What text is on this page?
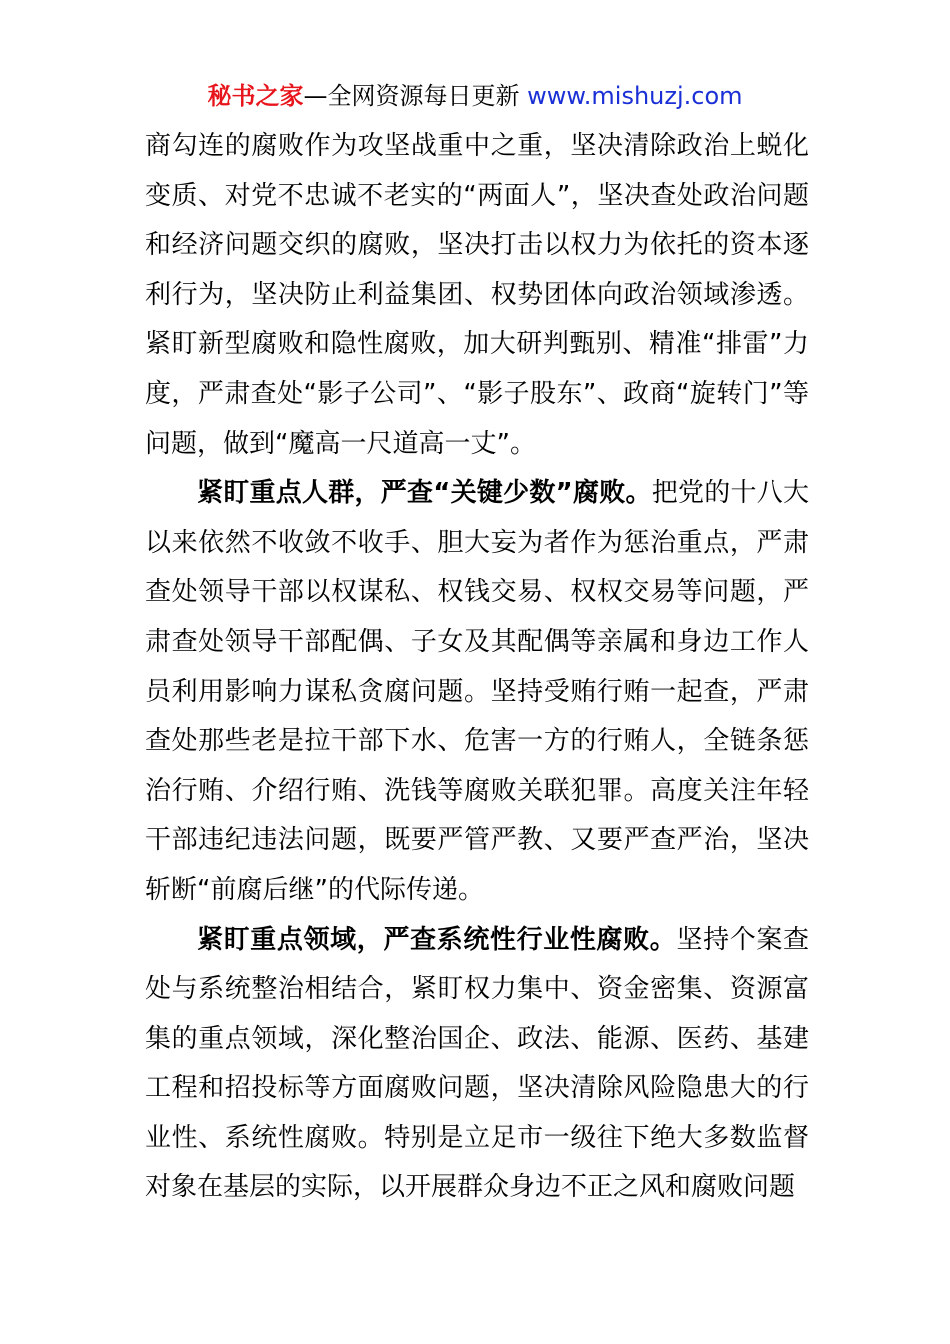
秘书之家—全网资源每日更新 www.mishuzj.com

商勾连的腐败作为攻坚战重中之重，坚决清除政治上蜕化变质、对党不忠诚不老实的“两面人”，坚决查处政治问题和经济问题交织的腐败，坚决打击以权力为依托的资本逐利行为，坚决防止利益集团、权势团体向政治领域渗透。紧盯新型腐败和隐性腐败，加大研判甄别、精准“排雷”力度，严肃查处“影子公司”、“影子股东”、政商“旋转门”等问题，做到“魔高一尺道高一丈”。

紧盯重点人群，严查“关键少数”腐败。把党的十八大以来依然不收敛不收手、胆大妄为者作为惩治重点，严肃查处领导干部以权谋私、权钱交易、权权交易等问题，严肃查处领导干部配偶、子女及其配偶等亲属和身边工作人员利用影响力谋私贪腐问题。坚持受贿行贿一起查，严肃查处那些老是拉干部下水、危害一方的行贿人，全链条惩治行贿、介绍行贿、洗钱等腐败关联犯罪。高度关注年轻干部违纪违法问题，既要严管严教、又要严查严治，坚决斩断“前腐后继”的代际传递。

紧盯重点领域，严查系统性行业性腐败。坚持个案查处与系统整治相结合，紧盯权力集中、资金密集、资源富集的重点领域，深化整治国企、政法、能源、医药、基建工程和招投标等方面腐败问题，坚决清除风险隐患大的行业性、系统性腐败。特别是立足市一级往下绝大多数监督对象在基层的实际，以开展群众身边不正之风和腐败问题
